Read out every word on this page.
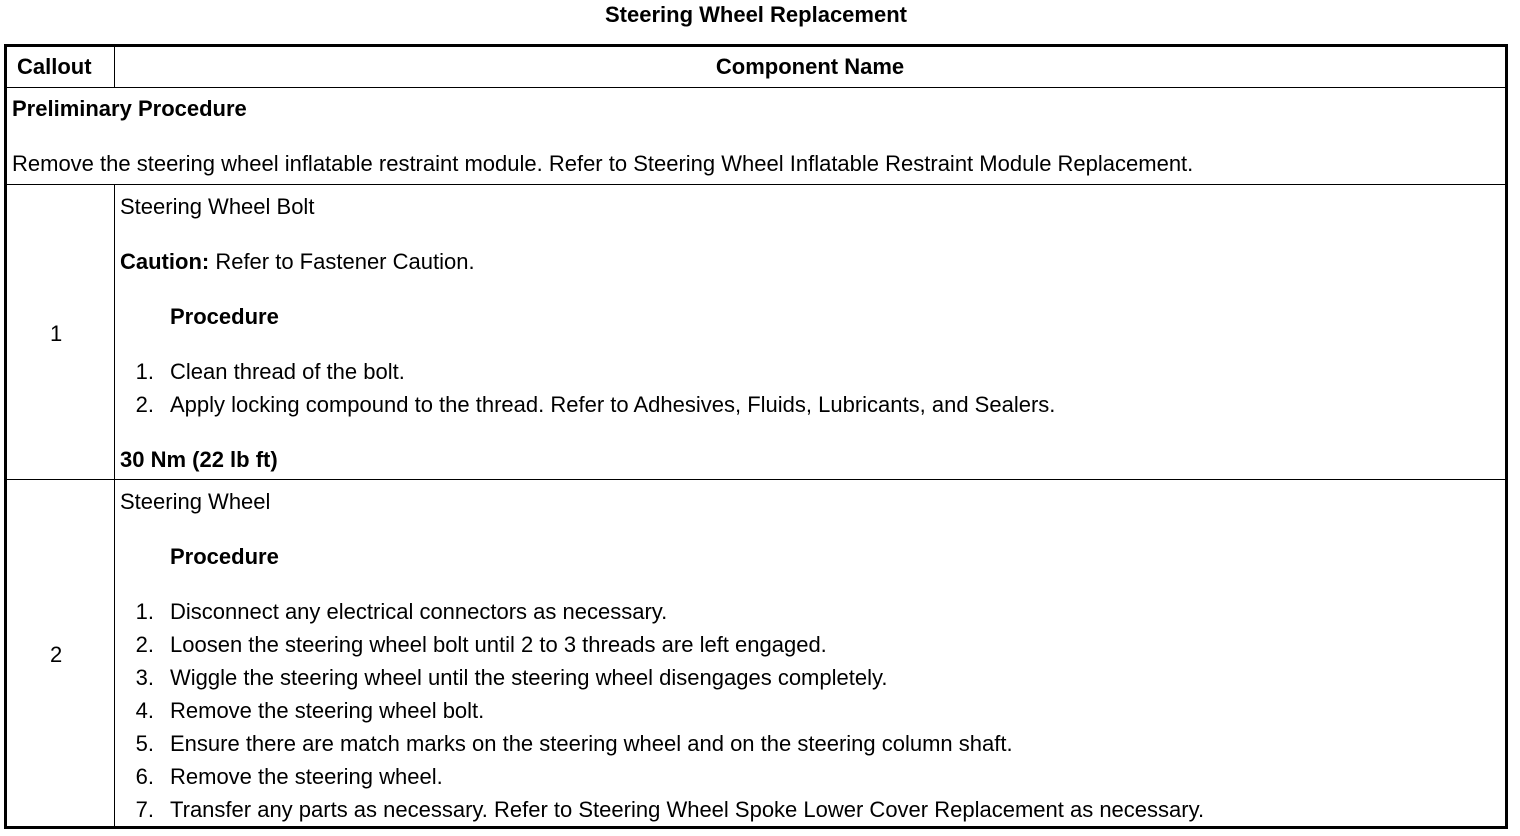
Steering Wheel Replacement
Callout	Component Name
Preliminary Procedure
Remove the steering wheel inflatable restraint module. Refer to Steering Wheel Inflatable Restraint Module Replacement.
1
Steering Wheel Bolt
Caution: Refer to Fastener Caution.
Procedure
1. Clean thread of the bolt.
2. Apply locking compound to the thread. Refer to Adhesives, Fluids, Lubricants, and Sealers.
30 Nm (22 lb ft)
2
Steering Wheel
Procedure
1. Disconnect any electrical connectors as necessary.
2. Loosen the steering wheel bolt until 2 to 3 threads are left engaged.
3. Wiggle the steering wheel until the steering wheel disengages completely.
4. Remove the steering wheel bolt.
5. Ensure there are match marks on the steering wheel and on the steering column shaft.
6. Remove the steering wheel.
7. Transfer any parts as necessary. Refer to Steering Wheel Spoke Lower Cover Replacement as necessary.
